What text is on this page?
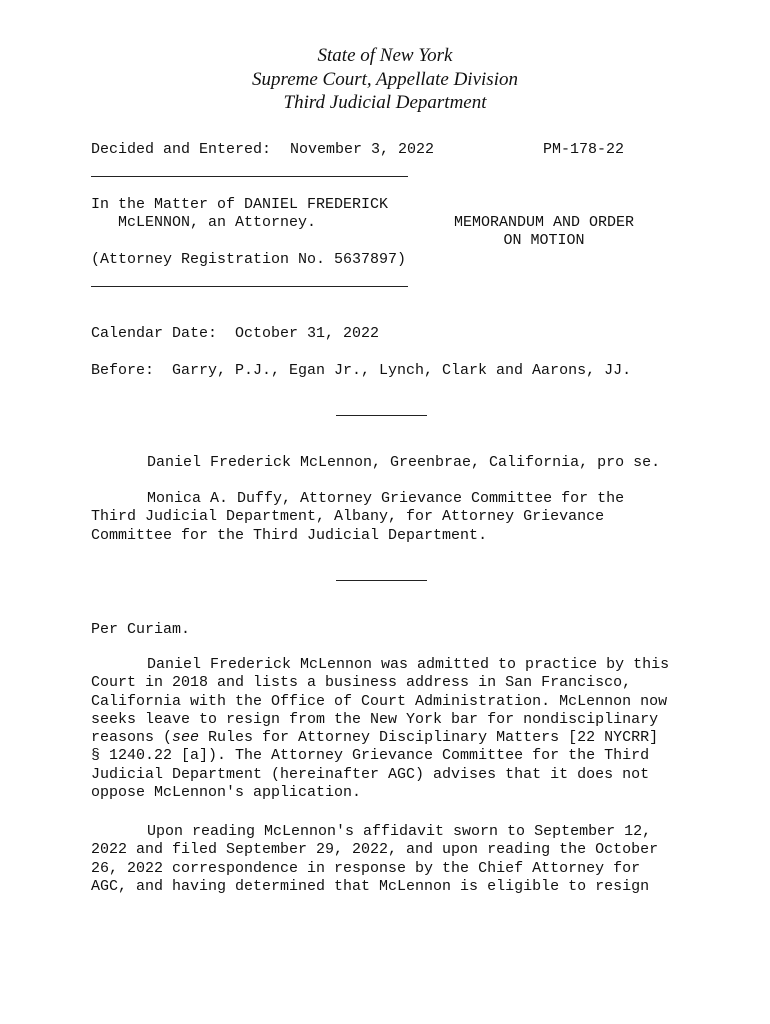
State of New York
Supreme Court, Appellate Division
Third Judicial Department
Decided and Entered: November 3, 2022	PM-178-22
In the Matter of DANIEL FREDERICK
McLENNON, an Attorney.
(Attorney Registration No. 5637897)
MEMORANDUM AND ORDER
ON MOTION
Calendar Date: October 31, 2022
Before: Garry, P.J., Egan Jr., Lynch, Clark and Aarons, JJ.
Daniel Frederick McLennon, Greenbrae, California, pro se.
Monica A. Duffy, Attorney Grievance Committee for the
Third Judicial Department, Albany, for Attorney Grievance
Committee for the Third Judicial Department.
Per Curiam.
Daniel Frederick McLennon was admitted to practice by this
Court in 2018 and lists a business address in San Francisco,
California with the Office of Court Administration. McLennon now
seeks leave to resign from the New York bar for nondisciplinary
reasons (see Rules for Attorney Disciplinary Matters [22 NYCRR]
§ 1240.22 [a]). The Attorney Grievance Committee for the Third
Judicial Department (hereinafter AGC) advises that it does not
oppose McLennon's application.
Upon reading McLennon's affidavit sworn to September 12,
2022 and filed September 29, 2022, and upon reading the October
26, 2022 correspondence in response by the Chief Attorney for
AGC, and having determined that McLennon is eligible to resign
